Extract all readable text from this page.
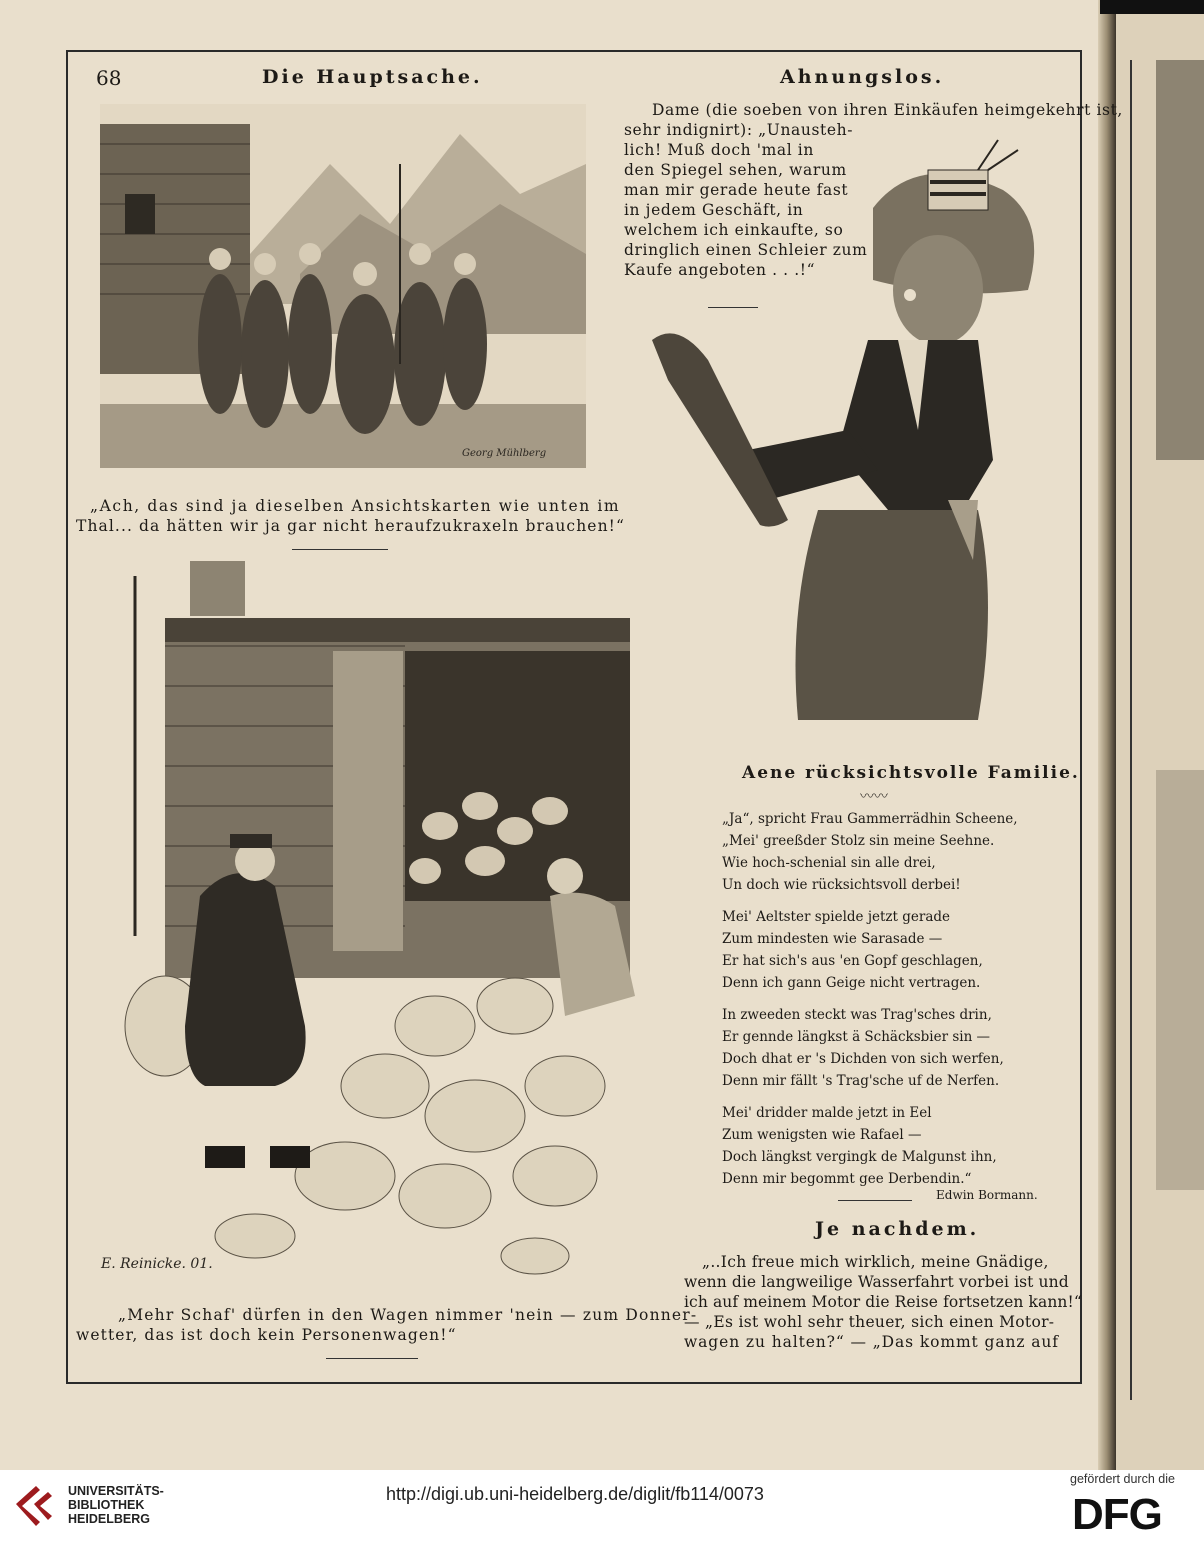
68	Die Hauptsache.
Georg Mühlberg
„Ach, das sind ja dieselben Ansichtskarten wie unten im
Thal... da hätten wir ja gar nicht heraufzukraxeln brauchen!“
E. Reinicke. 01.
„Mehr Schaf' dürfen in den Wagen nimmer 'nein — zum Donner-
wetter, das ist doch kein Personenwagen!“
Ahnungslos.
Dame (die soeben von ihren Einkäufen heimgekehrt ist,
sehr indignirt): „Unausteh-
lich! Muß doch 'mal in
den Spiegel sehen, warum
man mir gerade heute fast
in jedem Geschäft, in
welchem ich einkaufte, so
dringlich einen Schleier zum
Kaufe angeboten . . .!“
Aene rücksichtsvolle Familie.
〰〰
„Ja“, spricht Frau Gammerrädhin Scheene,
„Mei' greeßder Stolz sin meine Seehne.
Wie hoch-schenial sin alle drei,
Un doch wie rücksichtsvoll derbei!
Mei' Aeltster spielde jetzt gerade
Zum mindesten wie Sarasade —
Er hat sich's aus 'en Gopf geschlagen,
Denn ich gann Geige nicht vertragen.
In zweeden steckt was Trag'sches drin,
Er gennde längkst ä Schäcksbier sin —
Doch dhat er 's Dichden von sich werfen,
Denn mir fällt 's Trag'sche uf de Nerfen.
Mei' dridder malde jetzt in Eel
Zum wenigsten wie Rafael —
Doch längkst vergingk de Malgunst ihn,
Denn mir begommt gee Derbendin.“
Edwin Bormann.
Je nachdem.
„..Ich freue mich wirklich, meine Gnädige,
wenn die langweilige Wasserfahrt vorbei ist und
ich auf meinem Motor die Reise fortsetzen kann!“
— „Es ist wohl sehr theuer, sich einen Motor-
wagen zu halten?“ — „Das kommt ganz auf
UNIVERSITÄTS-
BIBLIOTHEK
HEIDELBERG
http://digi.ub.uni-heidelberg.de/diglit/fb114/0073
gefördert durch die
DFG
